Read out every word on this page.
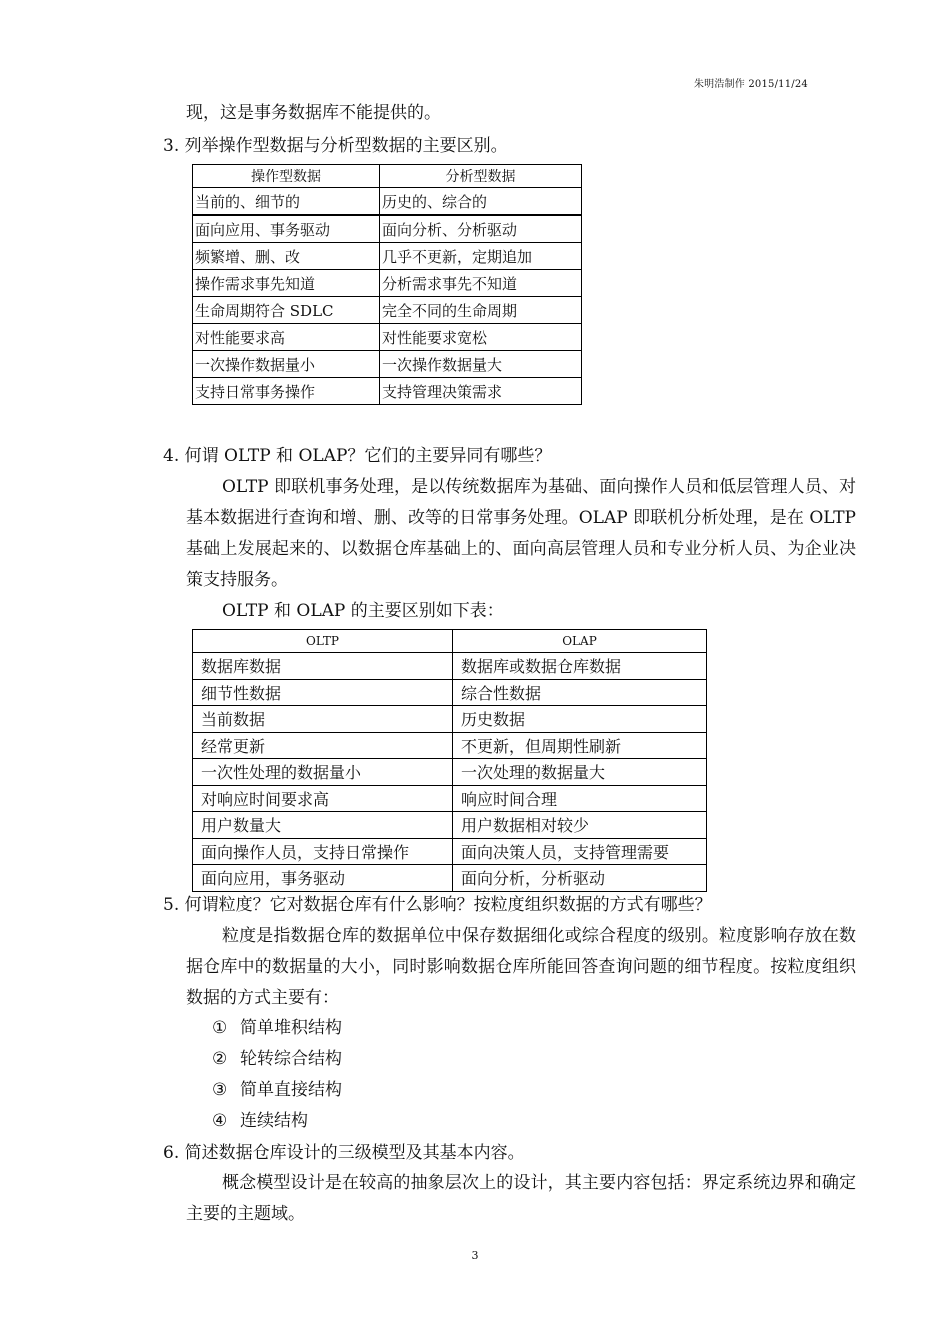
朱明浩制作 2015/11/24
现，这是事务数据库不能提供的。
3. 列举操作型数据与分析型数据的主要区别。
操作型数据	分析型数据
当前的、细节的	历史的、综合的
面向应用、事务驱动	面向分析、分析驱动
频繁增、删、改	几乎不更新，定期追加
操作需求事先知道	分析需求事先不知道
生命周期符合 SDLC	完全不同的生命周期
对性能要求高	对性能要求宽松
一次操作数据量小	一次操作数据量大
支持日常事务操作	支持管理决策需求
4. 何谓 OLTP 和 OLAP？它们的主要异同有哪些？
OLTP 即联机事务处理，是以传统数据库为基础、面向操作人员和低层管理人员、对基本数据进行查询和增、删、改等的日常事务处理。OLAP 即联机分析处理，是在 OLTP 基础上发展起来的、以数据仓库基础上的、面向高层管理人员和专业分析人员、为企业决策支持服务。
OLTP 和 OLAP 的主要区别如下表：
OLTP	OLAP
数据库数据	数据库或数据仓库数据
细节性数据	综合性数据
当前数据	历史数据
经常更新	不更新，但周期性刷新
一次性处理的数据量小	一次处理的数据量大
对响应时间要求高	响应时间合理
用户数量大	用户数据相对较少
面向操作人员，支持日常操作	面向决策人员，支持管理需要
面向应用，事务驱动	面向分析，分析驱动
5. 何谓粒度？它对数据仓库有什么影响？按粒度组织数据的方式有哪些？
粒度是指数据仓库的数据单位中保存数据细化或综合程度的级别。粒度影响存放在数据仓库中的数据量的大小，同时影响数据仓库所能回答查询问题的细节程度。按粒度组织数据的方式主要有：
① 简单堆积结构
② 轮转综合结构
③ 简单直接结构
④ 连续结构
6. 简述数据仓库设计的三级模型及其基本内容。
概念模型设计是在较高的抽象层次上的设计，其主要内容包括：界定系统边界和确定主要的主题域。
3
